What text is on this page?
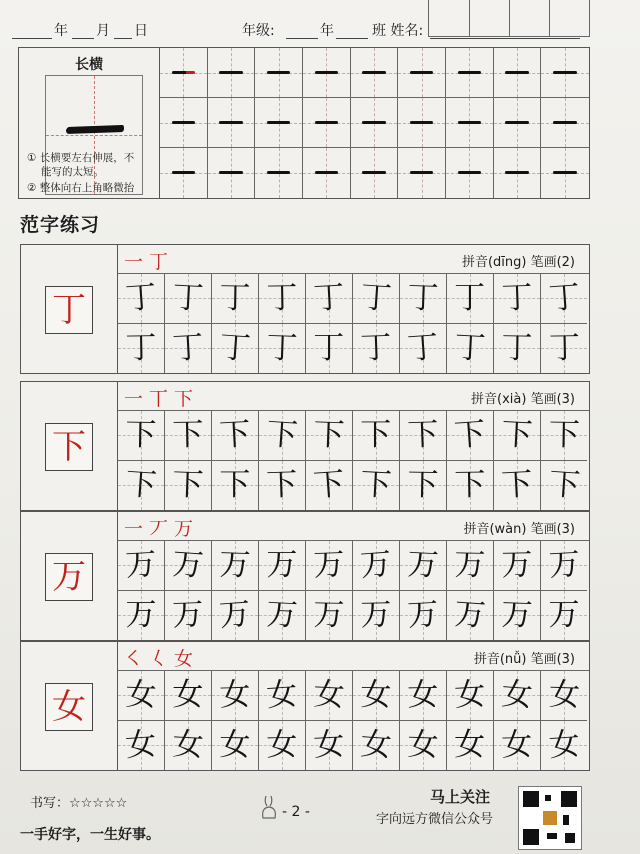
年 月 日	年级:	年	班 姓名:
长横
① 长横要左右伸展，不
能写的太短。
② 整体向右上角略微抬
范字练习
丁
一丁	拼音(dīng) 笔画(2)
丁 丁 丁 丁 丁 丁 丁 丁 丁 丁
丁 丁 丁 丁 丁 丁 丁 丁 丁 丁
下
一丅下	拼音(xià) 笔画(3)
下 下 下 下 下 下 下 下 下 下
下 下 下 下 下 下 下 下 下 下
万
一丆万	拼音(wàn) 笔画(3)
万 万 万 万 万 万 万 万 万 万
万 万 万 万 万 万 万 万 万 万
女
㇛𡿨女	拼音(nǚ) 笔画(3)
女 女 女 女 女 女 女 女 女 女
女 女 女 女 女 女 女 女 女 女
书写：☆☆☆☆☆
一手好字，一生好事。
- 2 -
马上关注
字向远方微信公众号
